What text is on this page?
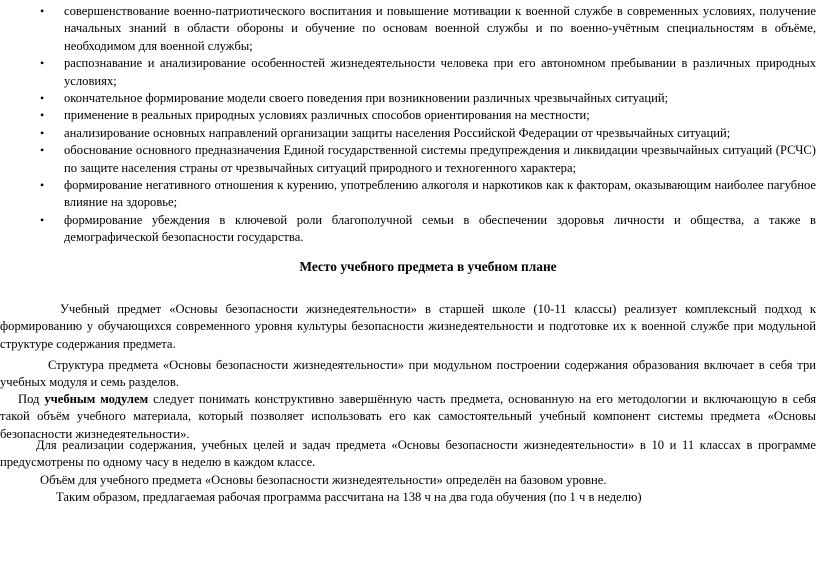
• совершенствование военно-патриотического воспитания и повышение мотивации к военной службе в современных условиях, получение начальных знаний в области обороны и обучение по основам военной службы и по военно-учётным специальностям в объёме, необходимом для военной службы;
• распознавание и анализирование особенностей жизнедеятельности человека при его автономном пребывании в различных природных условиях;
• окончательное формирование модели своего поведения при возникновении различных чрезвычайных ситуаций;
• применение в реальных природных условиях различных способов ориентирования на местности;
• анализирование основных направлений организации защиты населения Российской Федерации от чрезвычайных ситуаций;
• обоснование основного предназначения Единой государственной системы предупреждения и ликвидации чрезвычайных ситуаций (РСЧС) по защите населения страны от чрезвычайных ситуаций природного и техногенного характера;
• формирование негативного отношения к курению, употреблению алкоголя и наркотиков как к факторам, оказывающим наиболее пагубное влияние на здоровье;
• формирование убеждения в ключевой роли благополучной семьи в обеспечении здоровья личности и общества, а также в демографической безопасности государства.
Место учебного предмета в учебном плане

Учебный предмет «Основы безопасности жизнедеятельности» в старшей школе (10-11 классы) реализует комплексный подход к формированию у обучающихся современного уровня культуры безопасности жизнедеятельности и подготовке их к военной службе при модульной структуре содержания предмета.

Структура предмета «Основы безопасности жизнедеятельности» при модульном построении содержания образования включает в себя три учебных модуля и семь разделов.

Под учебным модулем следует понимать конструктивно завершённую часть предмета, основанную на его методологии и включающую в себя такой объём учебного материала, который позволяет использовать его как самостоятельный учебный компонент системы предмета «Основы безопасности жизнедеятельности».

Для реализации содержания, учебных целей и задач предмета «Основы безопасности жизнедеятельности» в 10 и 11 классах в программе предусмотрены по одному часу в неделю в каждом классе.

Объём для учебного предмета «Основы безопасности жизнедеятельности» определён на базовом уровне.

Таким образом, предлагаемая рабочая программа рассчитана на 138 ч на два года обучения (по 1 ч в неделю)
